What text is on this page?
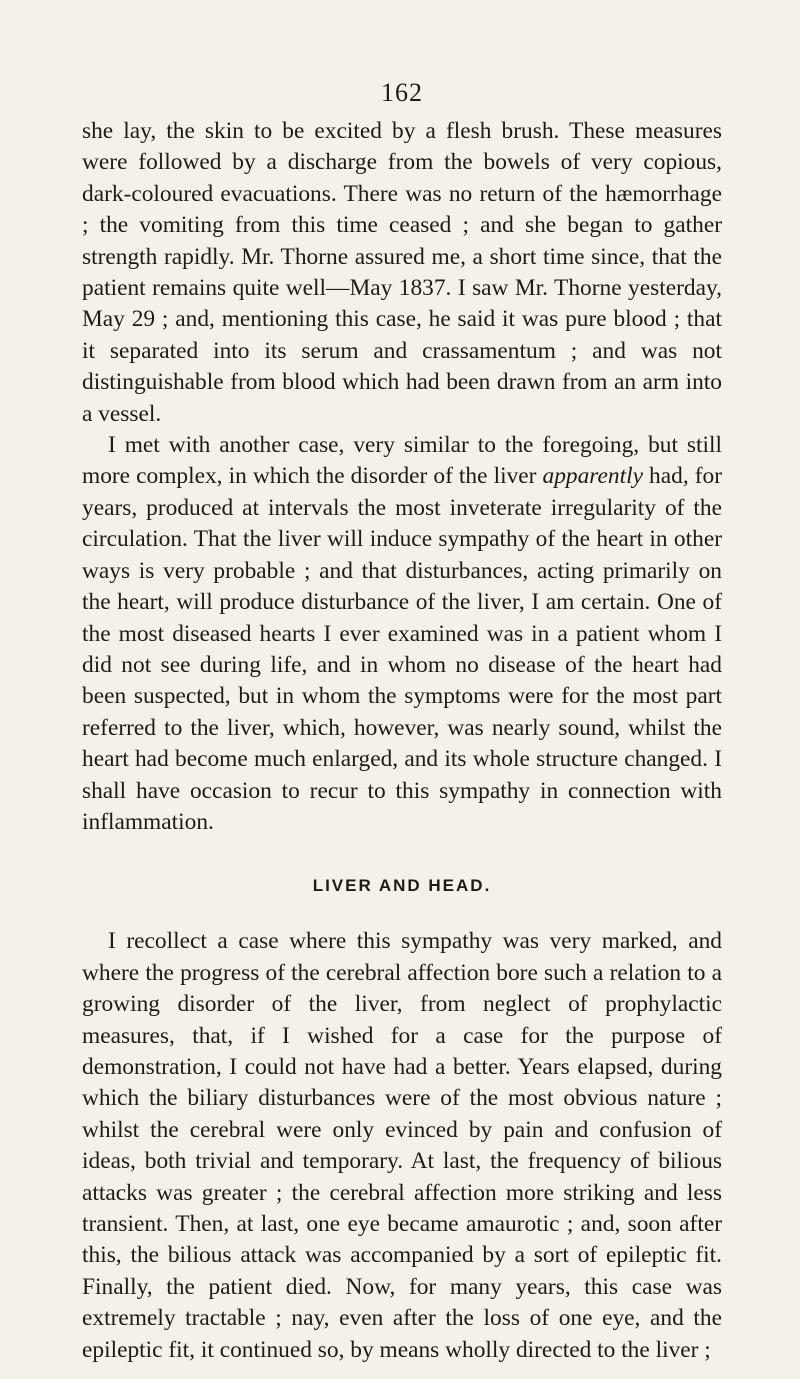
162

she lay, the skin to be excited by a flesh brush. These measures were followed by a discharge from the bowels of very copious, dark-coloured evacuations. There was no return of the hæmorrhage ; the vomiting from this time ceased ; and she began to gather strength rapidly. Mr. Thorne assured me, a short time since, that the patient remains quite well—May 1837. I saw Mr. Thorne yesterday, May 29 ; and, mentioning this case, he said it was pure blood ; that it separated into its serum and crassamentum ; and was not distinguishable from blood which had been drawn from an arm into a vessel.

I met with another case, very similar to the foregoing, but still more complex, in which the disorder of the liver apparently had, for years, produced at intervals the most inveterate irregularity of the circulation. That the liver will induce sympathy of the heart in other ways is very probable ; and that disturbances, acting primarily on the heart, will produce disturbance of the liver, I am certain. One of the most diseased hearts I ever examined was in a patient whom I did not see during life, and in whom no disease of the heart had been suspected, but in whom the symptoms were for the most part referred to the liver, which, however, was nearly sound, whilst the heart had become much enlarged, and its whole structure changed. I shall have occasion to recur to this sympathy in connection with inflammation.

LIVER AND HEAD.

I recollect a case where this sympathy was very marked, and where the progress of the cerebral affection bore such a relation to a growing disorder of the liver, from neglect of prophylactic measures, that, if I wished for a case for the purpose of demonstration, I could not have had a better. Years elapsed, during which the biliary disturbances were of the most obvious nature ; whilst the cerebral were only evinced by pain and confusion of ideas, both trivial and temporary. At last, the frequency of bilious attacks was greater ; the cerebral affection more striking and less transient. Then, at last, one eye became amaurotic ; and, soon after this, the bilious attack was accompanied by a sort of epileptic fit. Finally, the patient died. Now, for many years, this case was extremely tractable ; nay, even after the loss of one eye, and the epileptic fit, it continued so, by means wholly directed to the liver ;
